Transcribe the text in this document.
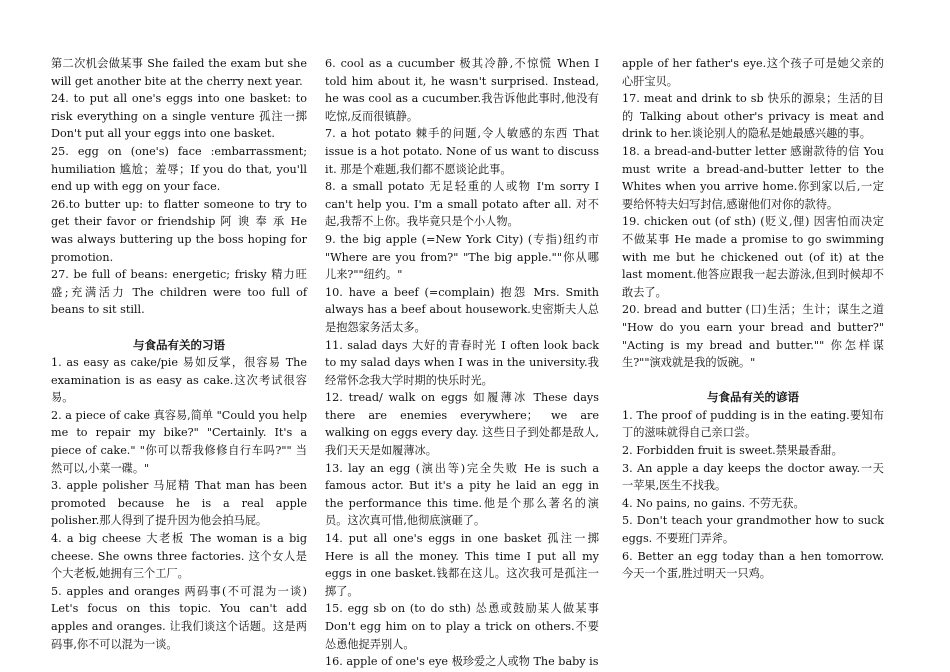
第二次机会做某事 She failed the exam but she will get another bite at the cherry next year.

24. to put all one's eggs into one basket: to risk everything on a single venture 孤注一掷 Don't put all your eggs into one basket.

25. egg on (one's) face :embarrassment; humiliation 尴尬；羞辱；If you do that, you'll end up with egg on your face.

26.to butter up: to flatter someone to try to get their favor or friendship 阿 谀 奉 承 He was always buttering up the boss hoping for promotion.

27. be full of beans: energetic; frisky 精力旺盛;充满活力 The children were too full of beans to sit still.

与食品有关的习语

1. as easy as cake/pie 易如反掌，很容易 The examination is as easy as cake.这次考试很容易。

2. a piece of cake 真容易,简单 "Could you help me to repair my bike?" "Certainly. It's a piece of cake." "你可以帮我修修自行车吗?"" 当然可以,小菜一碟。"

3. apple polisher 马屁精 That man has been promoted because he is a real apple polisher.那人得到了提升因为他会拍马屁。

4. a big cheese 大老板 The woman is a big cheese. She owns three factories. 这个女人是个大老板,她拥有三个工厂。

5. apples and oranges 两码事(不可混为一谈) Let's focus on this topic. You can't add apples and oranges. 让我们谈这个话题。这是两码事,你不可以混为一谈。

6. cool as a cucumber 极其冷静,不惊慌 When I told him about it, he wasn't surprised. Instead, he was cool as a cucumber.我告诉他此事时,他没有吃惊,反而很镇静。

7. a hot potato 棘手的问题,令人敏感的东西 That issue is a hot potato. None of us want to discuss it. 那是个难题,我们都不愿谈论此事。

8. a small potato 无足轻重的人或物 I'm sorry I can't help you. I'm a small potato after all. 对不起,我帮不上你。我毕竟只是个小人物。

9. the big apple (=New York City) (专指)纽约市 "Where are you from?" "The big apple.""你从哪儿来?""纽约。"

10. have a beef (=complain) 抱怨 Mrs. Smith always has a beef about housework.史密斯夫人总是抱怨家务活太多。

11. salad days 大好的青春时光 I often look back to my salad days when I was in the university.我经常怀念我大学时期的快乐时光。

12. tread/ walk on eggs 如履薄冰 These days there are enemies everywhere； we are walking on eggs every day. 这些日子到处都是敌人,我们天天是如履薄冰。

13. lay an egg (演出等)完全失败 He is such a famous actor. But it's a pity he laid an egg in the performance this time.他是个那么著名的演员。这次真可惜,他彻底演砸了。

14. put all one's eggs in one basket 孤注一掷 Here is all the money. This time I put all my eggs in one basket.钱都在这儿。这次我可是孤注一掷了。

15. egg sb on (to do sth) 怂恿或鼓励某人做某事 Don't egg him on to play a trick on others.不要怂恿他捉弄别人。

16. apple of one's eye 极珍爱之人或物 The baby is

apple of her father's eye.这个孩子可是她父亲的心肝宝贝。

17. meat and drink to sb 快乐的源泉；生活的目的 Talking about other's privacy is meat and drink to her.谈论别人的隐私是她最感兴趣的事。

18. a bread-and-butter letter 感谢款待的信 You must write a bread-and-butter letter to the Whites when you arrive home.你到家以后,一定要给怀特夫妇写封信,感谢他们对你的款待。

19. chicken out (of sth) (贬义,俚) 因害怕而决定不做某事 He made a promise to go swimming with me but he chickened out (of it) at the last moment.他答应跟我一起去游泳,但到时候却不敢去了。

20. bread and butter (口)生活；生计；谋生之道 "How do you earn your bread and butter?" "Acting is my bread and butter."" 你怎样谋生?""演戏就是我的饭碗。"

与食品有关的谚语

1. The proof of pudding is in the eating.要知布丁的滋味就得自己亲口尝。

2. Forbidden fruit is sweet.禁果最香甜。

3. An apple a day keeps the doctor away.一天一苹果,医生不找我。

4. No pains, no gains. 不劳无获。

5. Don't teach your grandmother how to suck eggs. 不要班门弄斧。

6. Better an egg today than a hen tomorrow.今天一个蛋,胜过明天一只鸡。
